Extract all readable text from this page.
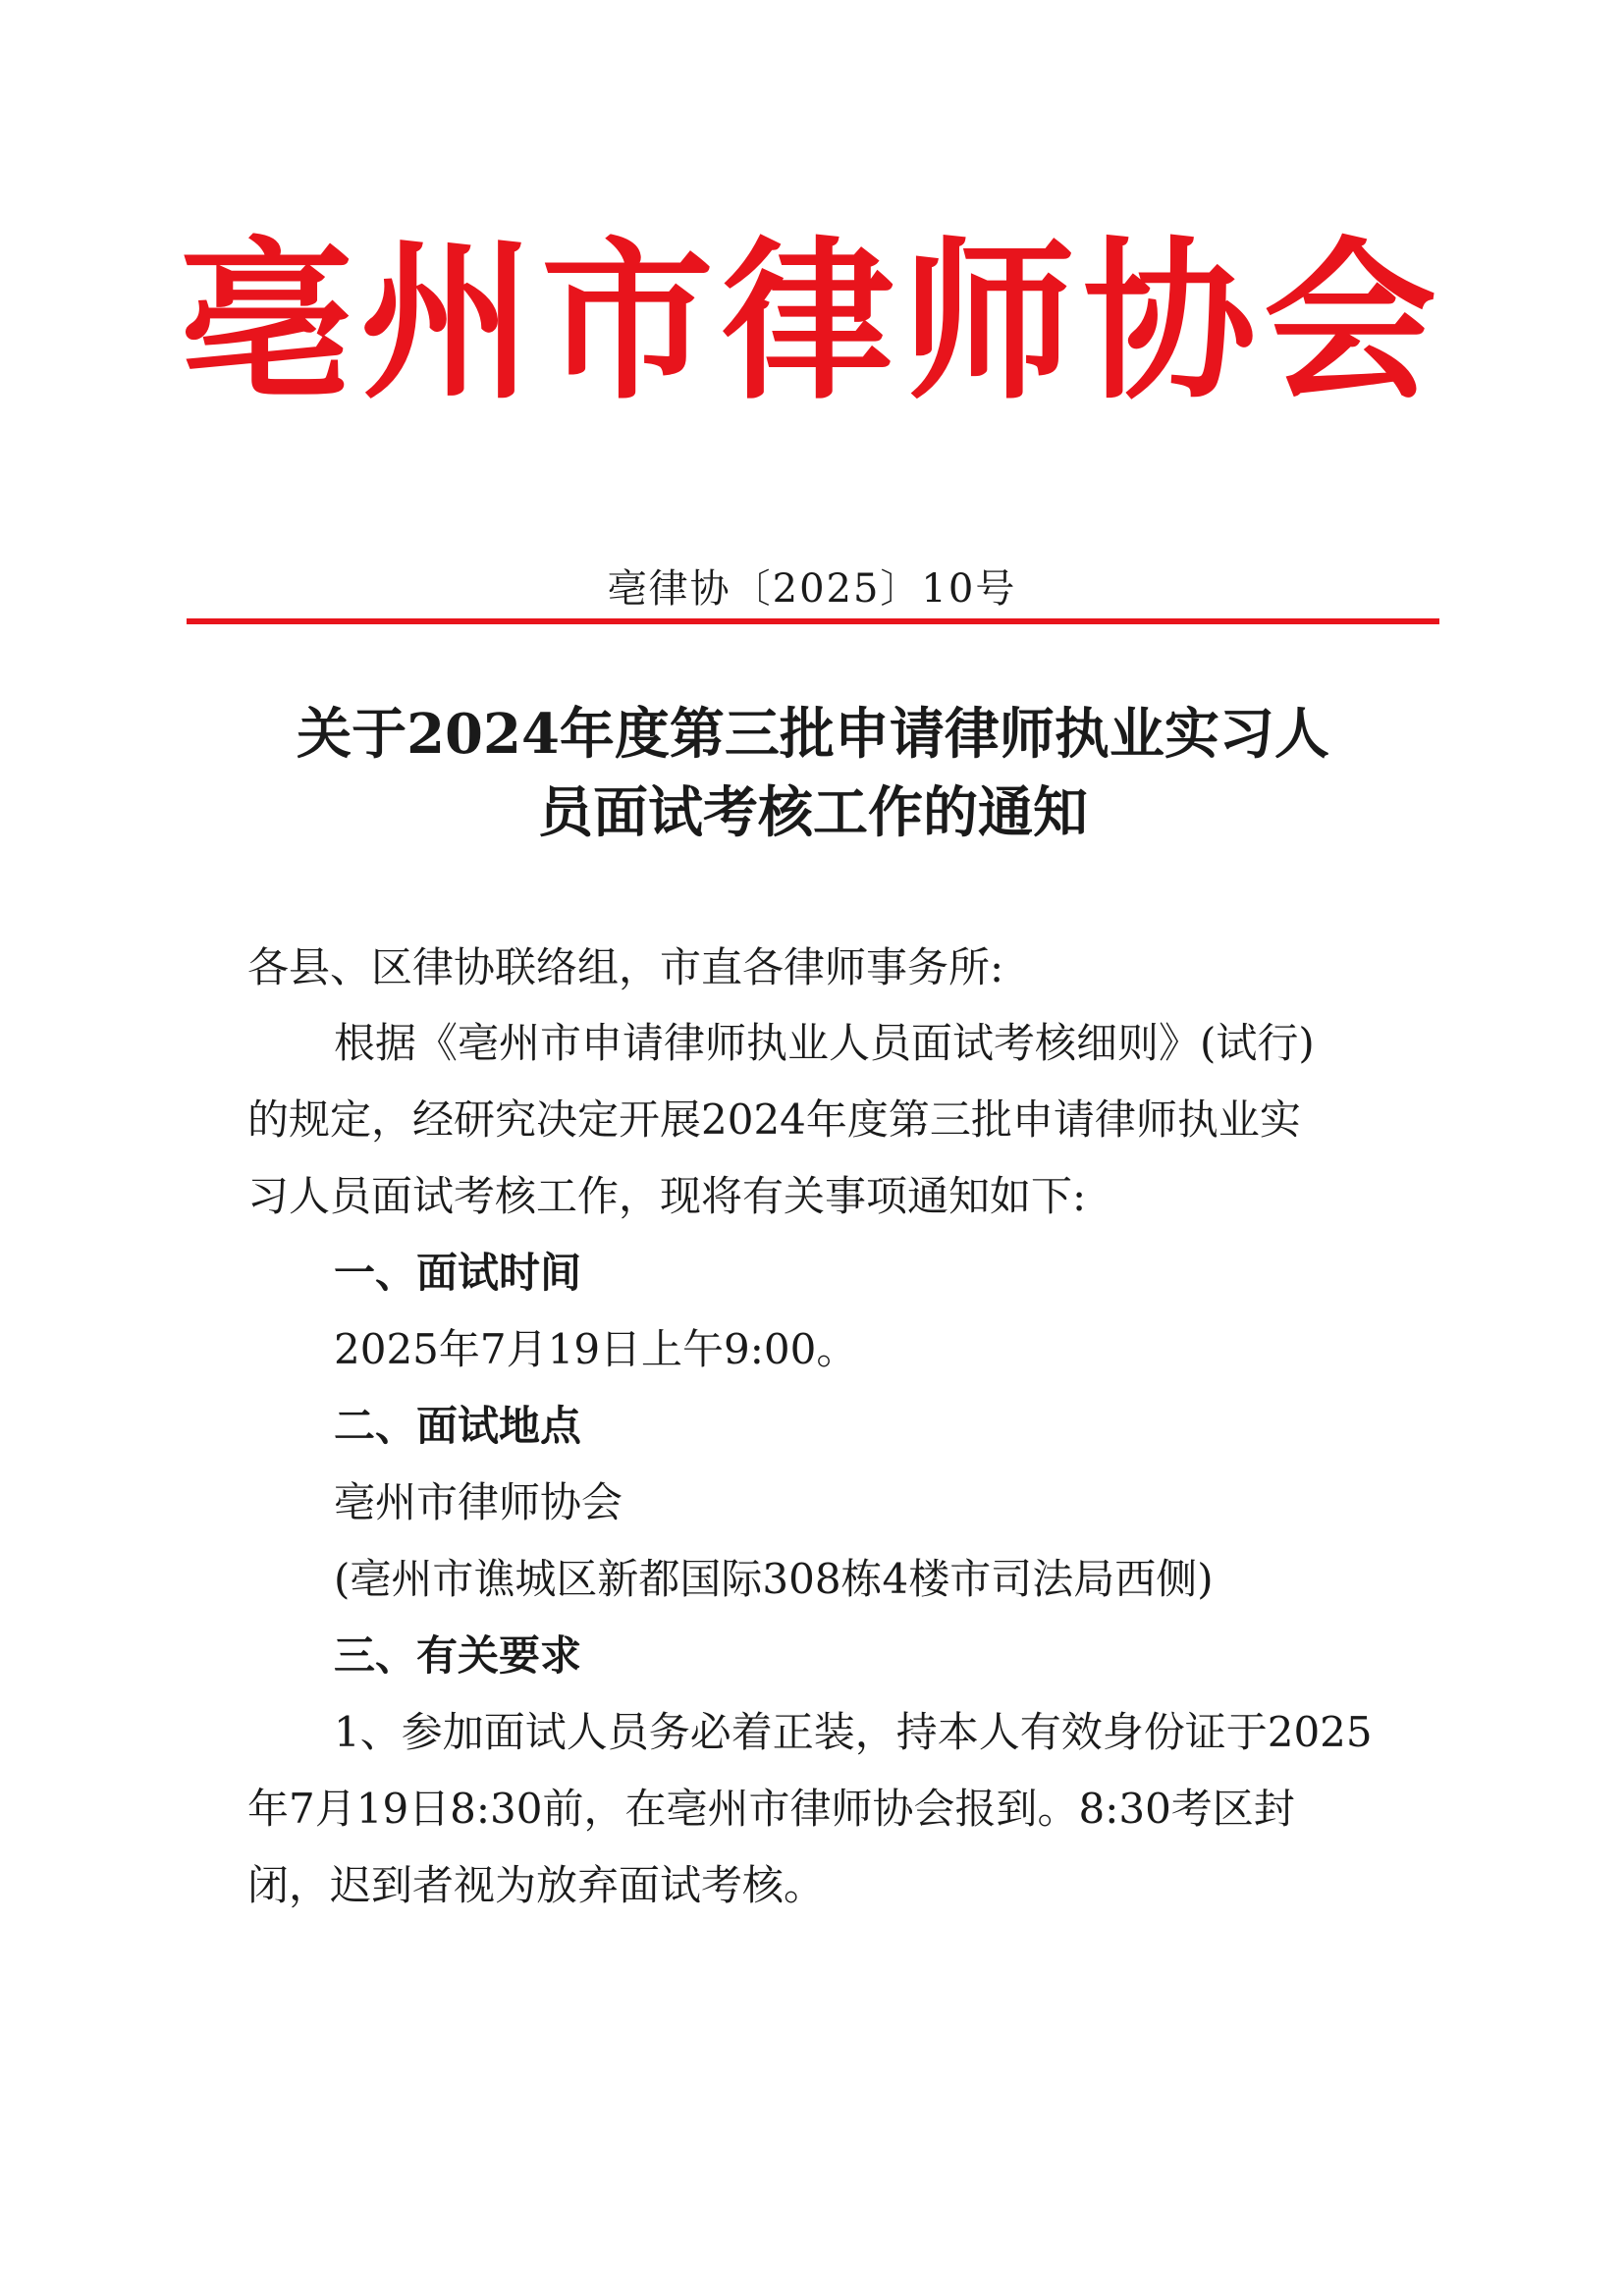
亳州市律师协会
亳律协〔2025〕10号
关于2024年度第三批申请律师执业实习人
员面试考核工作的通知
各县、区律协联络组，市直各律师事务所:
根据《亳州市申请律师执业人员面试考核细则》(试行)
的规定，经研究决定开展2024年度第三批申请律师执业实
习人员面试考核工作，现将有关事项通知如下:
一、面试时间
2025年7月19日上午9:00。
二、面试地点
亳州市律师协会
(亳州市谯城区新都国际308栋4楼市司法局西侧)
三、有关要求
1、参加面试人员务必着正装，持本人有效身份证于2025
年7月19日8:30前，在亳州市律师协会报到。8:30考区封
闭，迟到者视为放弃面试考核。
